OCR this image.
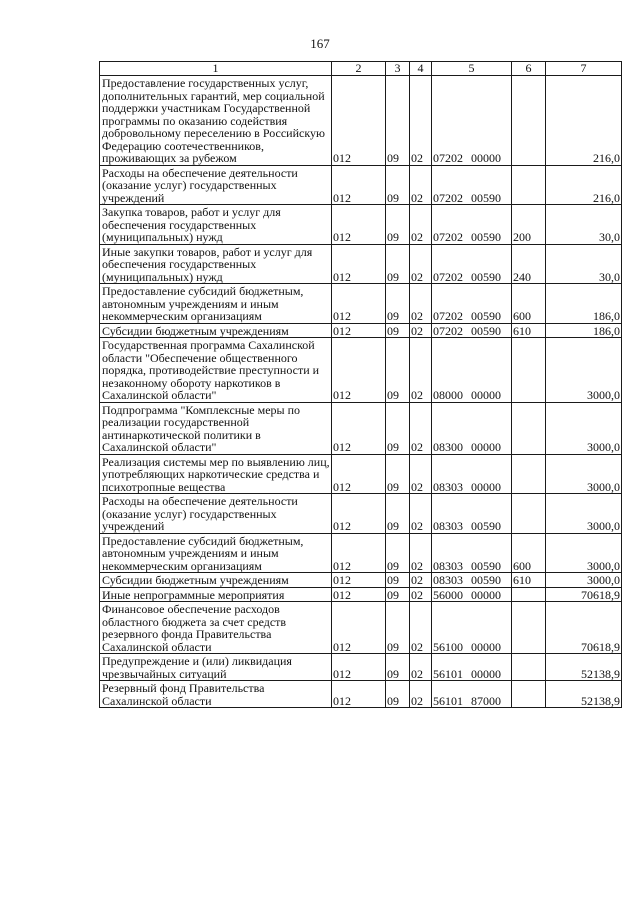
167
1	2	3	4	5	6	7
Предоставление государственных услуг, дополнительных гарантий, мер социальной поддержки участникам Государственной программы по оказанию содействия добровольному переселению в Российскую Федерацию соотечественников, проживающих за рубежом	012	09	02	07202 00000		216,0
Расходы на обеспечение деятельности (оказание услуг) государственных учреждений	012	09	02	07202 00590		216,0
Закупка товаров, работ и услуг для обеспечения государственных (муниципальных) нужд	012	09	02	07202 00590	200	30,0
Иные закупки товаров, работ и услуг для обеспечения государственных (муниципальных) нужд	012	09	02	07202 00590	240	30,0
Предоставление субсидий бюджетным, автономным учреждениям и иным некоммерческим организациям	012	09	02	07202 00590	600	186,0
Субсидии бюджетным учреждениям	012	09	02	07202 00590	610	186,0
Государственная программа Сахалинской области "Обеспечение общественного порядка, противодействие преступности и незаконному обороту наркотиков в Сахалинской области"	012	09	02	08000 00000		3000,0
Подпрограмма "Комплексные меры по реализации государственной антинаркотической политики в Сахалинской области"	012	09	02	08300 00000		3000,0
Реализация системы мер по выявлению лиц, употребляющих наркотические средства и психотропные вещества	012	09	02	08303 00000		3000,0
Расходы на обеспечение деятельности (оказание услуг) государственных учреждений	012	09	02	08303 00590		3000,0
Предоставление субсидий бюджетным, автономным учреждениям и иным некоммерческим организациям	012	09	02	08303 00590	600	3000,0
Субсидии бюджетным учреждениям	012	09	02	08303 00590	610	3000,0
Иные непрограммные мероприятия	012	09	02	56000 00000		70618,9
Финансовое обеспечение расходов областного бюджета за счет средств резервного фонда Правительства Сахалинской области	012	09	02	56100 00000		70618,9
Предупреждение и (или) ликвидация чрезвычайных ситуаций	012	09	02	56101 00000		52138,9
Резервный фонд Правительства Сахалинской области	012	09	02	56101 87000		52138,9
